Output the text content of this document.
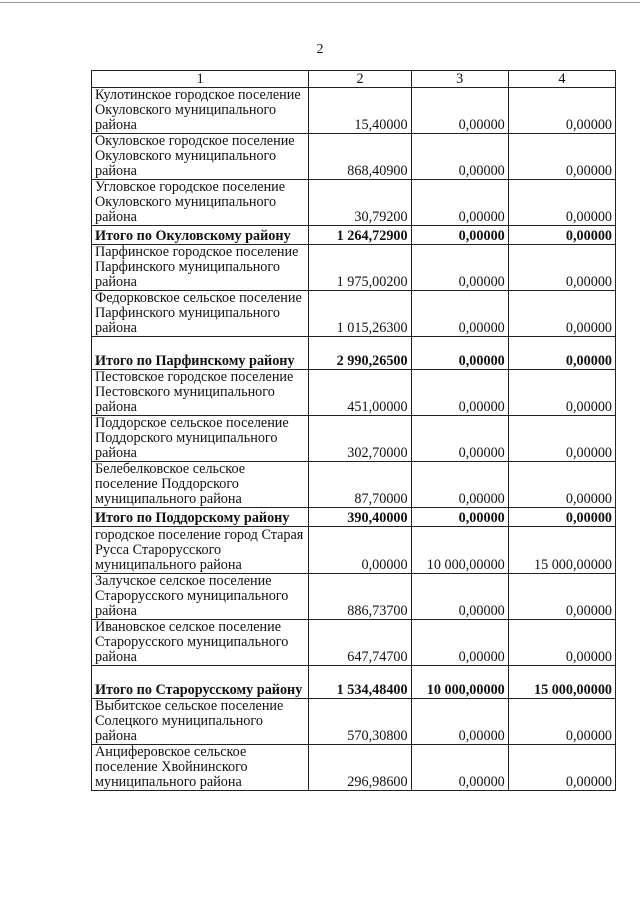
2
1	2	3	4
Кулотинское городское поселение Окуловского муниципального района	15,40000	0,00000	0,00000
Окуловское городское поселение Окуловского муниципального района	868,40900	0,00000	0,00000
Угловское городское поселение Окуловского муниципального района	30,79200	0,00000	0,00000
Итого по Окуловскому району	1 264,72900	0,00000	0,00000
Парфинское городское поселение Парфинского муниципального района	1 975,00200	0,00000	0,00000
Федорковское сельское поселение Парфинского муниципального района	1 015,26300	0,00000	0,00000
Итого по Парфинскому району	2 990,26500	0,00000	0,00000
Пестовское городское поселение Пестовского муниципального района	451,00000	0,00000	0,00000
Поддорское сельское поселение Поддорского муниципального района	302,70000	0,00000	0,00000
Белебелковское сельское поселение Поддорского муниципального района	87,70000	0,00000	0,00000
Итого по Поддорскому району	390,40000	0,00000	0,00000
городское поселение город Старая Русса Старорусского муниципального района	0,00000	10 000,00000	15 000,00000
Залучское селское поселение Старорусского муниципального района	886,73700	0,00000	0,00000
Ивановское селское поселение Старорусского муниципального района	647,74700	0,00000	0,00000
Итого по Старорусскому району	1 534,48400	10 000,00000	15 000,00000
Выбитское сельское поселение Солецкого муниципального района	570,30800	0,00000	0,00000
Анциферовское сельское поселение Хвойнинского муниципального района	296,98600	0,00000	0,00000
